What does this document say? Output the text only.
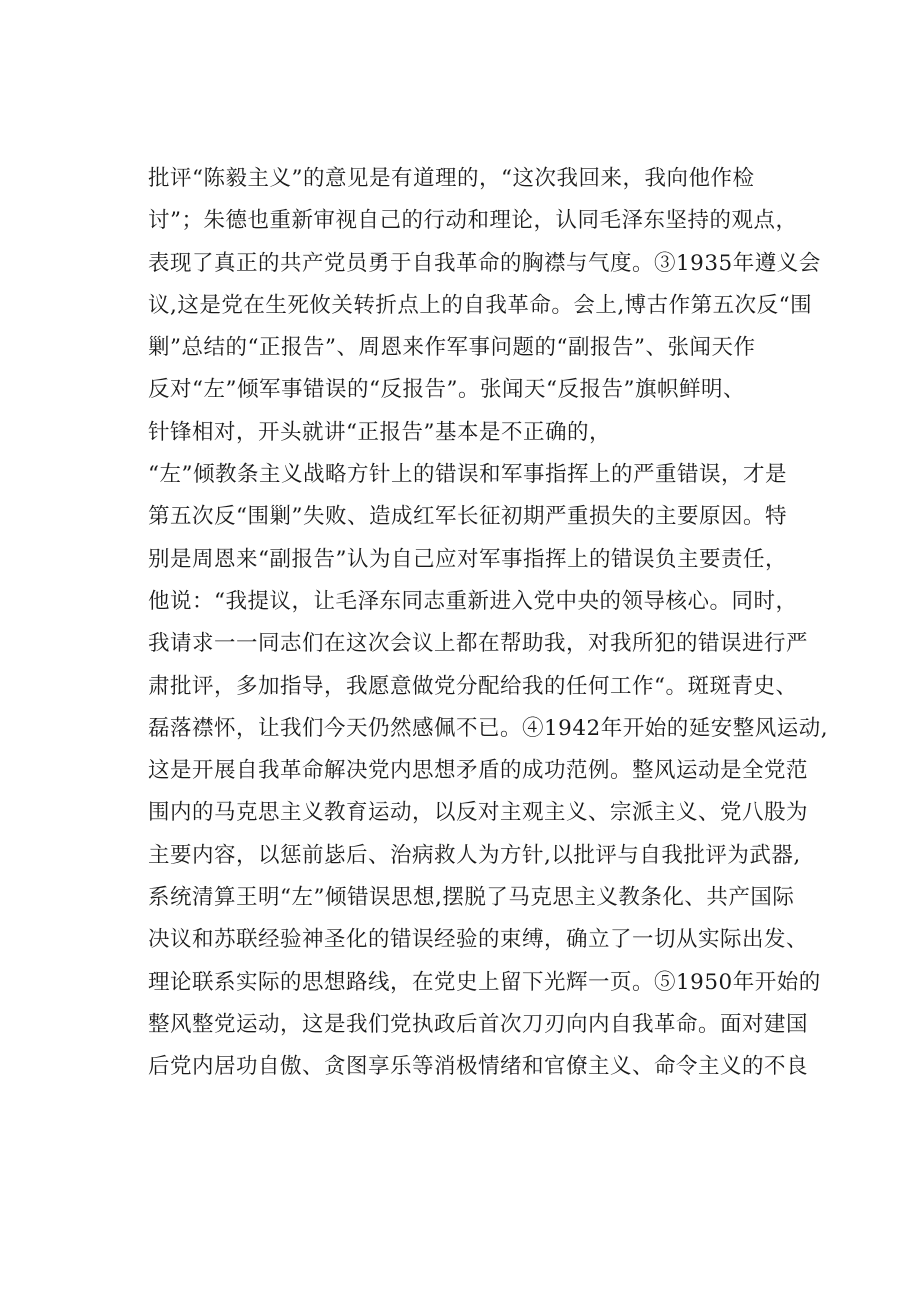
批评“陈毅主义”的意见是有道理的，“这次我回来，我向他作检
讨”；朱德也重新审视自己的行动和理论，认同毛泽东坚持的观点，
表现了真正的共产党员勇于自我革命的胸襟与气度。③1935年遵义会
议,这是党在生死攸关转折点上的自我革命。会上,博古作第五次反“围
剿”总结的“正报告”、周恩来作军事问题的“副报告”、张闻天作
反对“左”倾军事错误的“反报告”。张闻天“反报告”旗帜鲜明、
针锋相对，开头就讲“正报告”基本是不正确的，
“左”倾教条主义战略方针上的错误和军事指挥上的严重错误，才是
第五次反“围剿”失败、造成红军长征初期严重损失的主要原因。特
别是周恩来“副报告”认为自己应对军事指挥上的错误负主要责任，
他说：“我提议，让毛泽东同志重新进入党中央的领导核心。同时，
我请求一一同志们在这次会议上都在帮助我，对我所犯的错误进行严
肃批评，多加指导，我愿意做党分配给我的任何工作“。斑斑青史、
磊落襟怀，让我们今天仍然感佩不已。④1942年开始的延安整风运动,
这是开展自我革命解决党内思想矛盾的成功范例。整风运动是全党范
围内的马克思主义教育运动，以反对主观主义、宗派主义、党八股为
主要内容，以惩前毖后、治病救人为方针,以批评与自我批评为武器,
系统清算王明“左”倾错误思想,摆脱了马克思主义教条化、共产国际
决议和苏联经验神圣化的错误经验的束缚，确立了一切从实际出发、
理论联系实际的思想路线，在党史上留下光辉一页。⑤1950年开始的
整风整党运动，这是我们党执政后首次刀刃向内自我革命。面对建国
后党内居功自傲、贪图享乐等消极情绪和官僚主义、命令主义的不良
